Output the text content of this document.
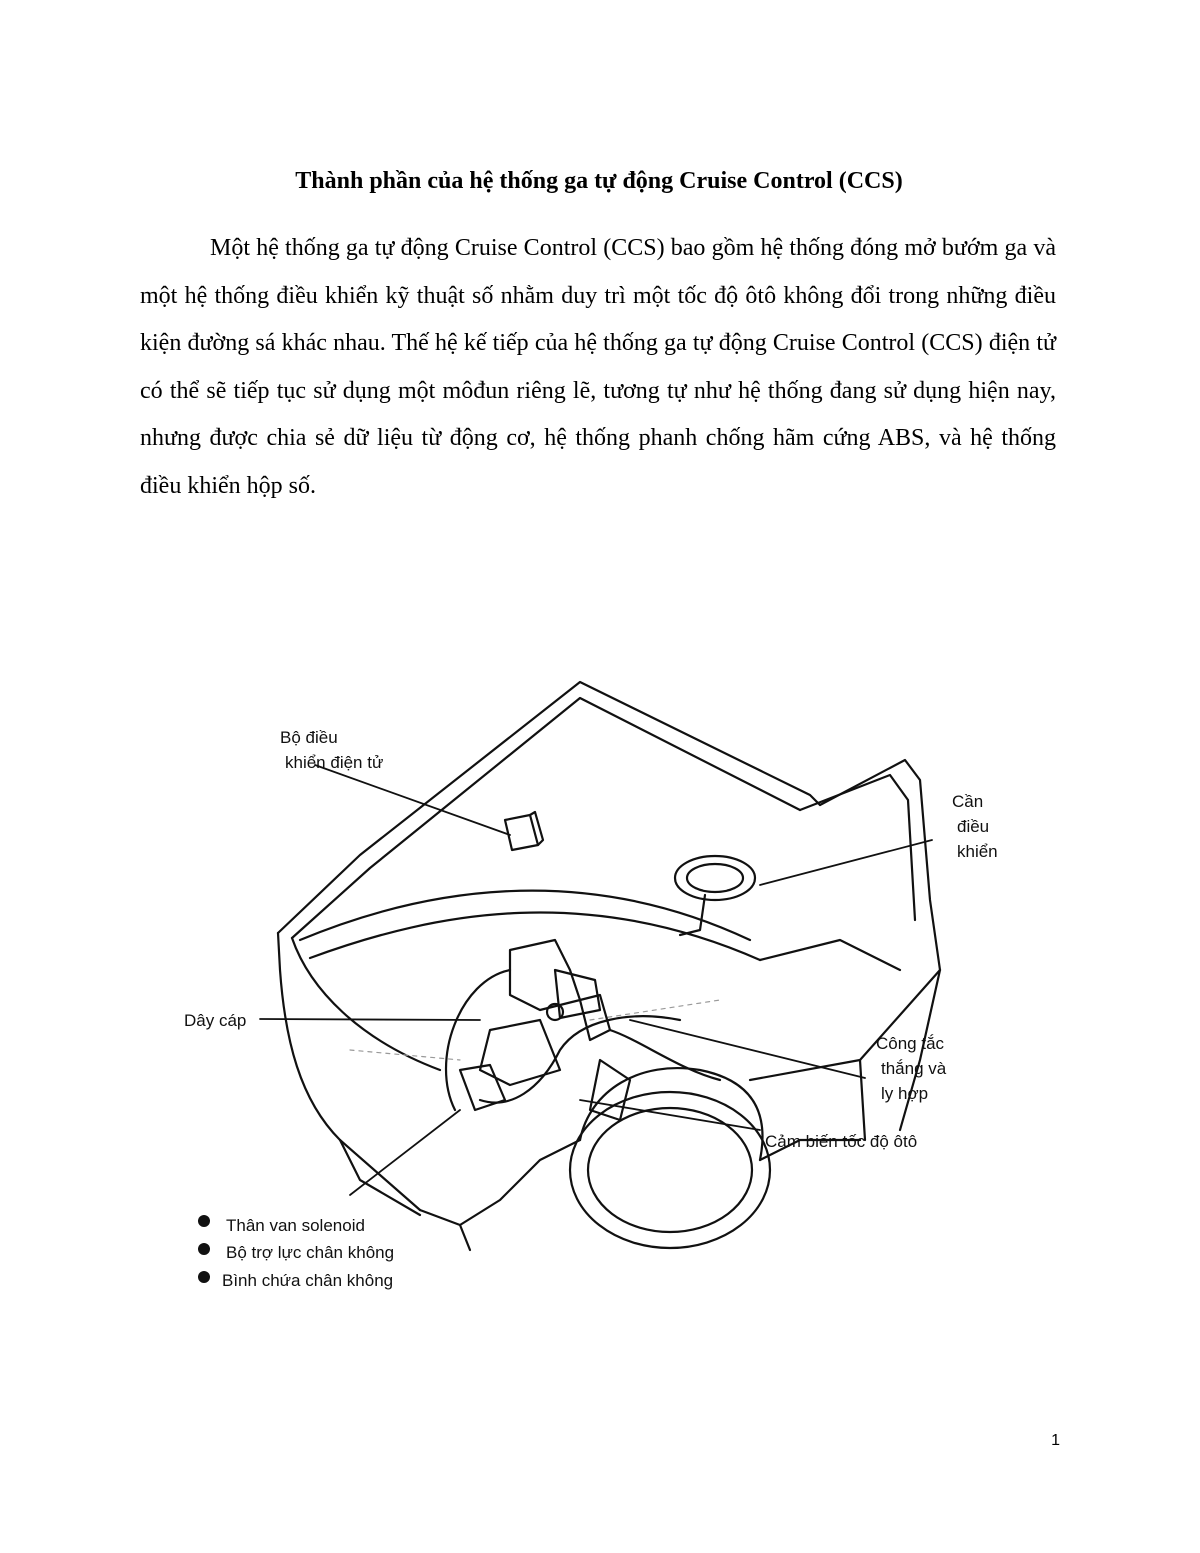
Thành phần của hệ thống ga tự động Cruise Control (CCS)

Một hệ thống ga tự động Cruise Control (CCS) bao gồm hệ thống đóng mở bướm ga và một hệ thống điều khiển kỹ thuật số nhằm duy trì một tốc độ ôtô không đổi trong những điều kiện đường sá khác nhau. Thế hệ kế tiếp của hệ thống ga tự động Cruise Control (CCS) điện tử có thể sẽ tiếp tục sử dụng một môđun riêng lẽ, tương tự như hệ thống đang sử dụng hiện nay, nhưng được chia sẻ dữ liệu từ động cơ, hệ thống phanh chống hãm cứng ABS, và hệ thống điều khiển hộp số.

Bộ điều
khiển điện tử
Cần
điều
khiển
Dây cáp
Công tắc
thắng và
ly hợp
Cảm biến tốc độ ôtô
Thân van solenoid
Bộ trợ lực chân không
Bình chứa chân không
1
